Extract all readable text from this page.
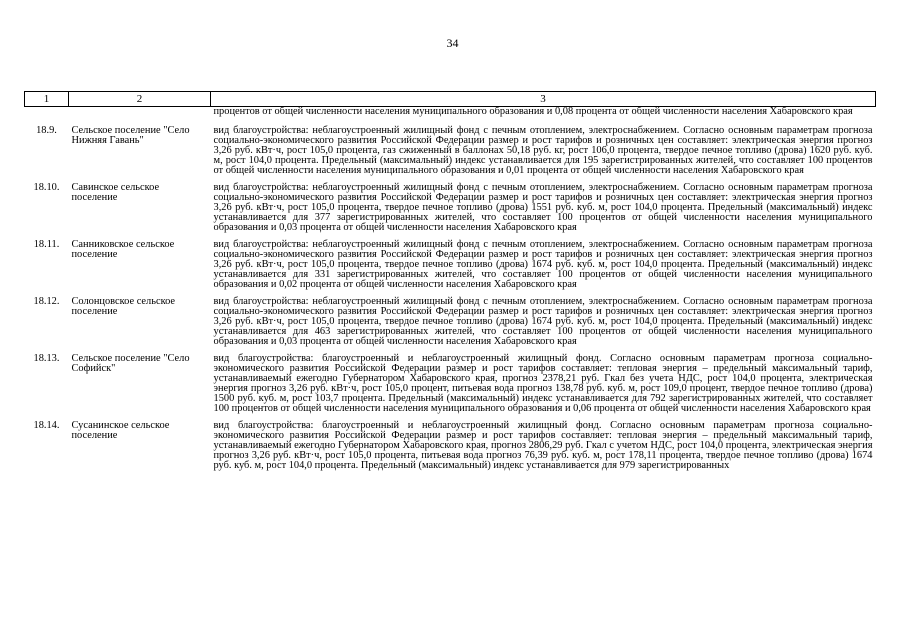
34
1	2	3
		процентов от общей численности населения муниципального образования и 0,08 процента от общей численности населения Хабаровского края
18.9.	Сельское поселение "Село Нижняя Гавань"	вид благоустройства: неблагоустроенный жилищный фонд с печным отоплением, электроснабжением. Согласно основным параметрам прогноза социально-экономического развития Российской Федерации размер и рост тарифов и розничных цен составляет: электрическая энергия прогноз 3,26 руб. кВт·ч, рост 105,0 процента, газ сжиженный в баллонах 50,18 руб. кг, рост 106,0 процента, твердое печное топливо (дрова) 1620 руб. куб. м, рост 104,0 процента. Предельный (максимальный) индекс устанавливается для 195 зарегистрированных жителей, что составляет 100 процентов от общей численности населения муниципального образования и 0,01 процента от общей численности населения Хабаровского края
18.10.	Савинское сельское поселение	вид благоустройства: неблагоустроенный жилищный фонд с печным отоплением, электроснабжением. Согласно основным параметрам прогноза социально-экономического развития Российской Федерации размер и рост тарифов и розничных цен составляет: электрическая энергия прогноз 3,26 руб. кВт·ч, рост 105,0 процента, твердое печное топливо (дрова) 1551 руб. куб. м, рост 104,0 процента. Предельный (максимальный) индекс устанавливается для 377 зарегистрированных жителей, что составляет 100 процентов от общей численности населения муниципального образования и 0,03 процента от общей численности населения Хабаровского края
18.11.	Санниковское сельское поселение	вид благоустройства: неблагоустроенный жилищный фонд с печным отоплением, электроснабжением. Согласно основным параметрам прогноза социально-экономического развития Российской Федерации размер и рост тарифов и розничных цен составляет: электрическая энергия прогноз 3,26 руб. кВт·ч, рост 105,0 процента, твердое печное топливо (дрова) 1674 руб. куб. м, рост 104,0 процента. Предельный (максимальный) индекс устанавливается для 331 зарегистрированных жителей, что составляет 100 процентов от общей численности населения муниципального образования и 0,02 процента от общей численности населения Хабаровского края
18.12.	Солонцовское сельское поселение	вид благоустройства: неблагоустроенный жилищный фонд с печным отоплением, электроснабжением. Согласно основным параметрам прогноза социально-экономического развития Российской Федерации размер и рост тарифов и розничных цен составляет: электрическая энергия прогноз 3,26 руб. кВт·ч, рост 105,0 процента, твердое печное топливо (дрова) 1674 руб. куб. м, рост 104,0 процента. Предельный (максимальный) индекс устанавливается для 463 зарегистрированных жителей, что составляет 100 процентов от общей численности населения муниципального образования и 0,03 процента от общей численности населения Хабаровского края
18.13.	Сельское поселение "Село Софийск"	вид благоустройства: благоустроенный и неблагоустроенный жилищный фонд. Согласно основным параметрам прогноза социально-экономического развития Российской Федерации размер и рост тарифов составляет: тепловая энергия – предельный максимальный тариф, устанавливаемый ежегодно Губернатором Хабаровского края, прогноз 2378,21 руб. Гкал без учета НДС, рост 104,0 процента, электрическая энергия прогноз 3,26 руб. кВт·ч, рост 105,0 процент, питьевая вода прогноз 138,78 руб. куб. м, рост 109,0 процент, твердое печное топливо (дрова) 1500 руб. куб. м, рост 103,7 процента. Предельный (максимальный) индекс устанавливается для 792 зарегистрированных жителей, что составляет 100 процентов от общей численности населения муниципального образования и 0,06 процента от общей численности населения Хабаровского края
18.14.	Сусанинское сельское поселение	вид благоустройства: благоустроенный и неблагоустроенный жилищный фонд. Согласно основным параметрам прогноза социально-экономического развития Российской Федерации размер и рост тарифов составляет: тепловая энергия – предельный максимальный тариф, устанавливаемый ежегодно Губернатором Хабаровского края, прогноз 2806,29 руб. Гкал с учетом НДС, рост 104,0 процента, электрическая энергия прогноз 3,26 руб. кВт·ч, рост 105,0 процента, питьевая вода прогноз 76,39 руб. куб. м, рост 178,11 процента, твердое печное топливо (дрова) 1674 руб. куб. м, рост 104,0 процента. Предельный (максимальный) индекс устанавливается для 979 зарегистрированных
